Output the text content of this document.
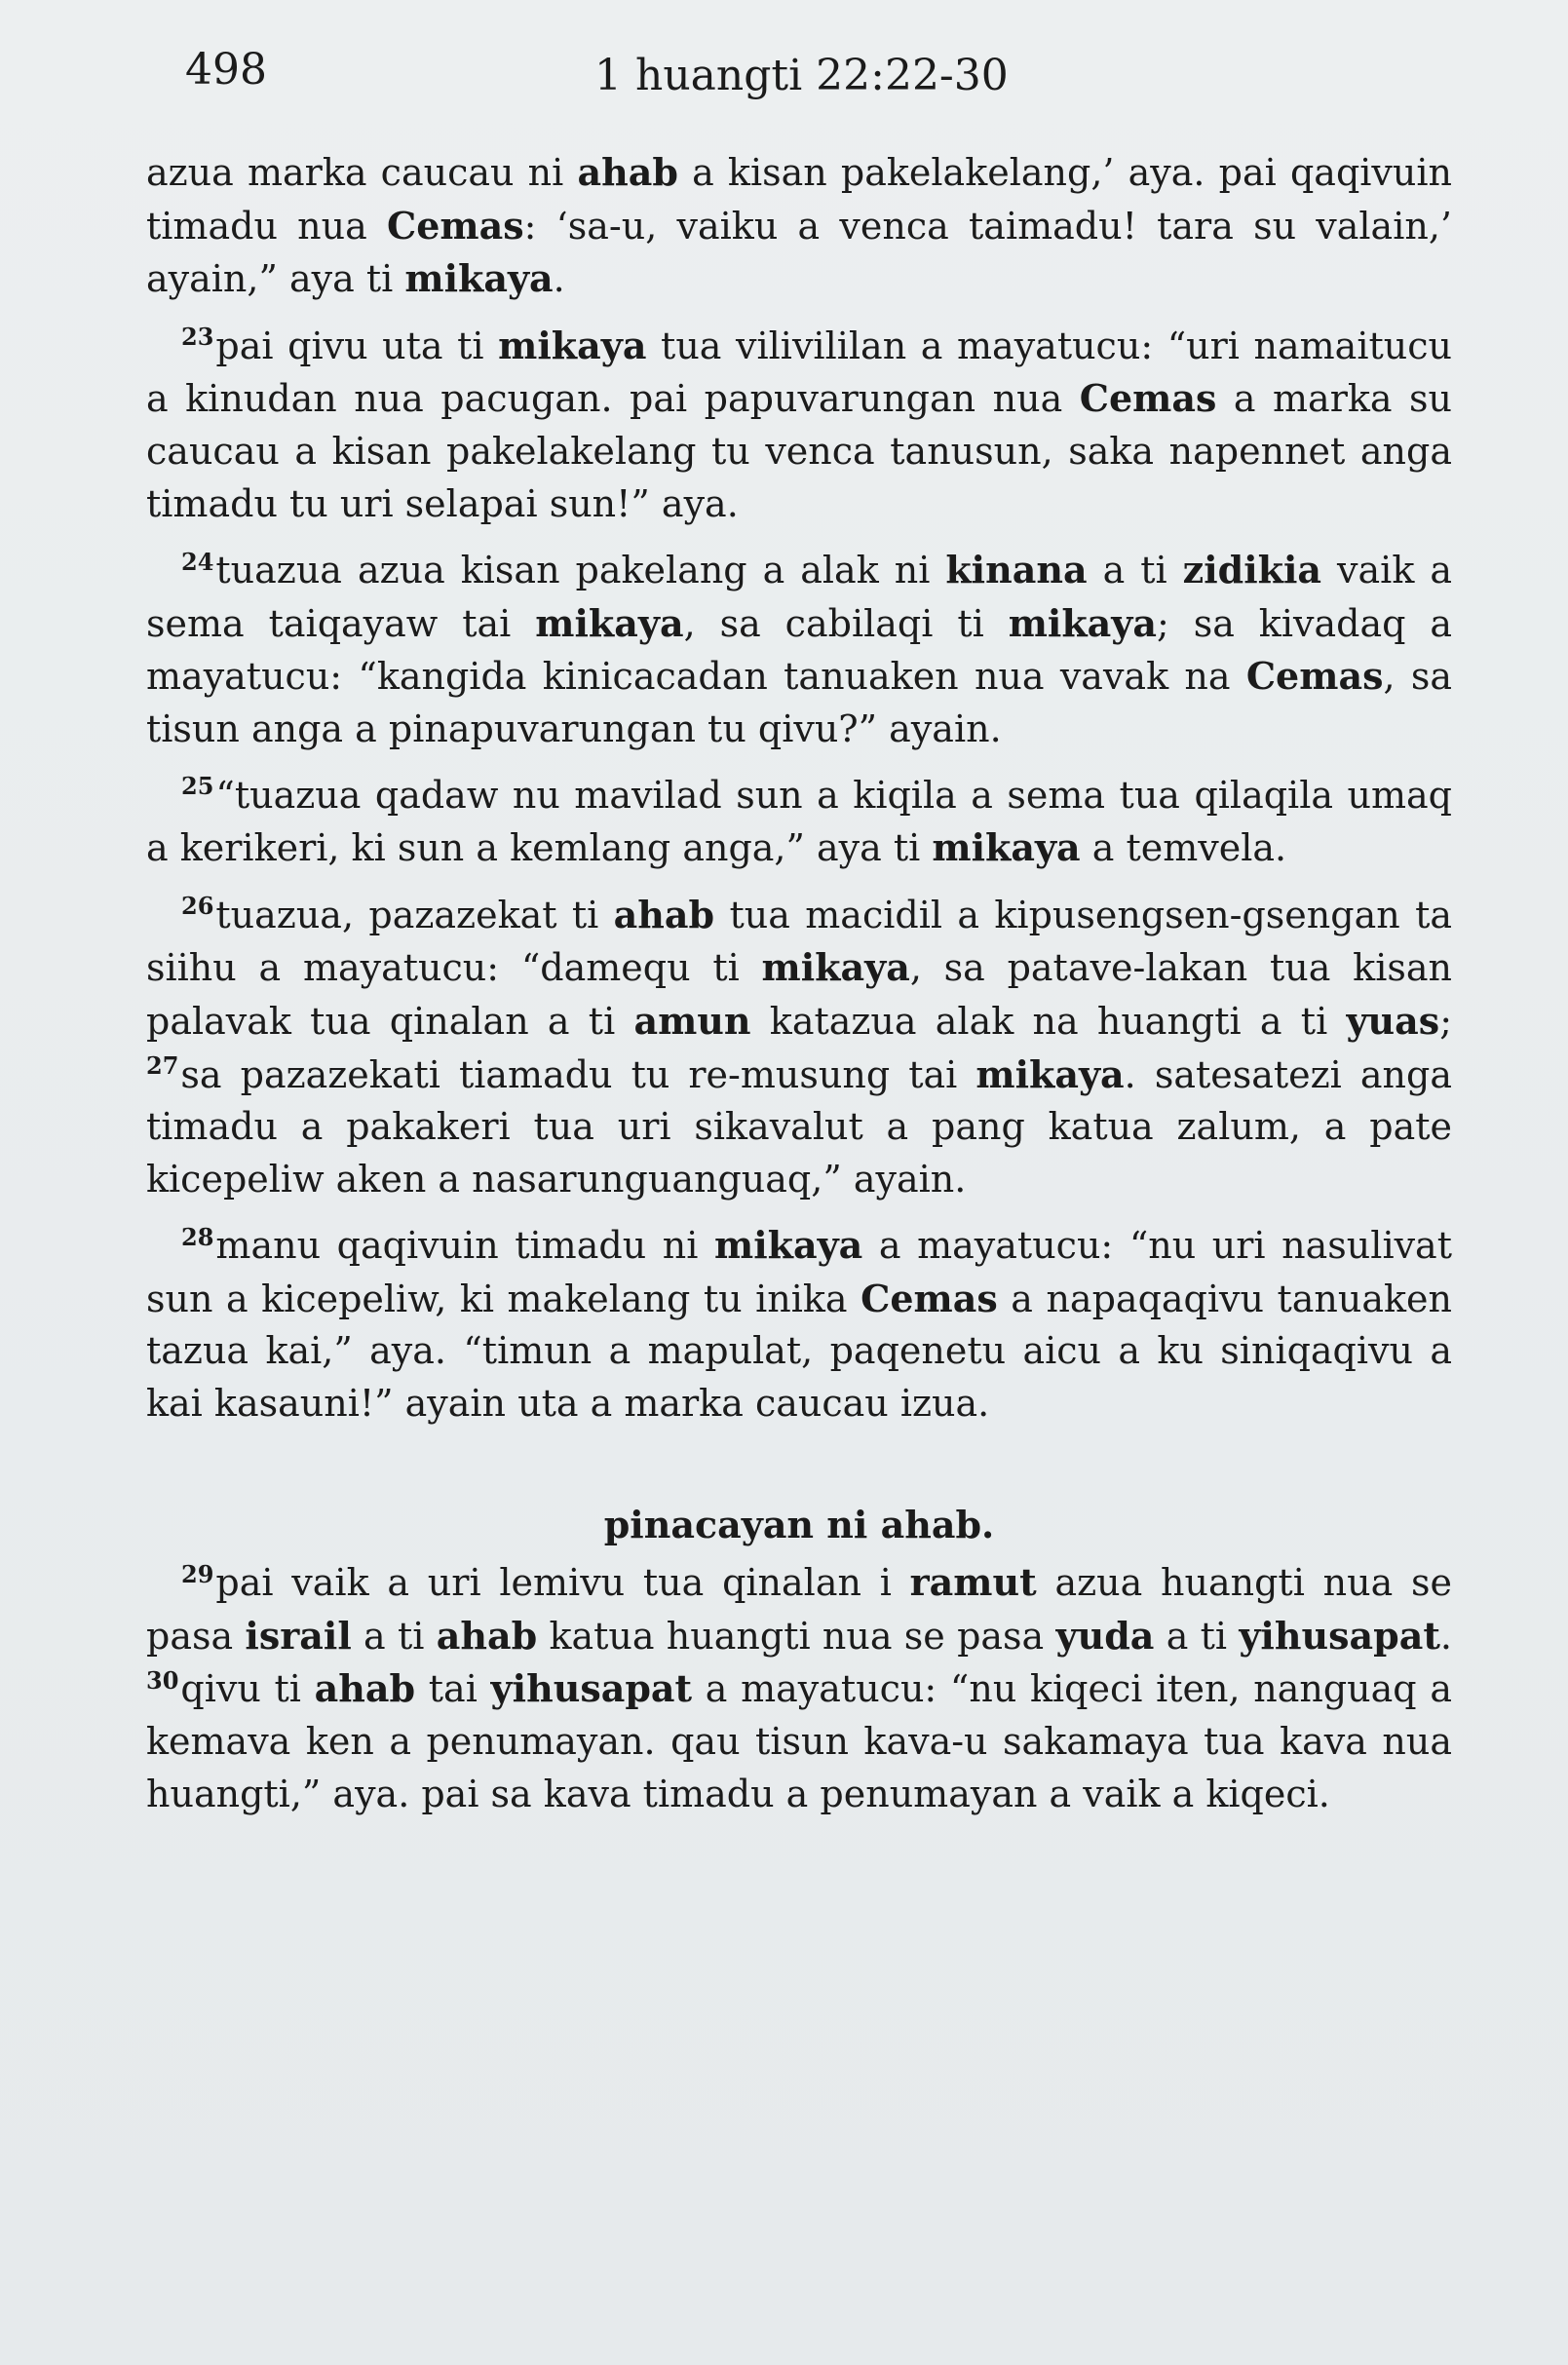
498	1 huangti 22:22-30

azua marka caucau ni ahab a kisan pakelakelang,’ aya. pai qaqivuin timadu nua Cemas: ‘sa-u, vaiku a venca taimadu! tara su valain,’ ayain,” aya ti mikaya.

$^{23}$pai qivu uta ti mikaya tua vilivililan a mayatucu: “uri namaitucu a kinudan nua pacugan. pai papuvarungan nua Cemas a marka su caucau a kisan pakelakelang tu venca tanusun, saka napennet anga timadu tu uri selapai sun!” aya.

$^{24}$tuazua azua kisan pakelang a alak ni kinana a ti zidikia vaik a sema taiqayaw tai mikaya, sa cabilaqi ti mikaya; sa kivadaq a mayatucu: “kangida kinicacadan tanuaken nua vavak na Cemas, sa tisun anga a pinapuvarungan tu qivu?” ayain.

$^{25}$“tuazua qadaw nu mavilad sun a kiqila a sema tua qilaqila umaq a kerikeri, ki sun a kemlang anga,” aya ti mikaya a temvela.

$^{26}$tuazua, pazazekat ti ahab tua macidil a kipusengsen-gsengan ta siihu a mayatucu: “damequ ti mikaya, sa patave-lakan tua kisan palavak tua qinalan a ti amun katazua alak na huangti a ti yuas; $^{27}$sa pazazekati tiamadu tu re-musung tai mikaya. satesatezi anga timadu a pakakeri tua uri sikavalut a pang katua zalum, a pate kicepeliw aken a nasarunguanguaq,” ayain.

$^{28}$manu qaqivuin timadu ni mikaya a mayatucu: “nu uri nasulivat sun a kicepeliw, ki makelang tu inika Cemas a napaqaqivu tanuaken tazua kai,” aya. “timun a mapulat, paqenetu aicu a ku siniqaqivu a kai kasauni!” ayain uta a marka caucau izua.

pinacayan ni ahab.

$^{29}$pai vaik a uri lemivu tua qinalan i ramut azua huangti nua se pasa israil a ti ahab katua huangti nua se pasa yuda a ti yihusapat. $^{30}$qivu ti ahab tai yihusapat a mayatucu: “nu kiqeci iten, nanguaq a kemava ken a penumayan. qau tisun kava-u sakamaya tua kava nua huangti,” aya. pai sa kava timadu a penumayan a vaik a kiqeci.
